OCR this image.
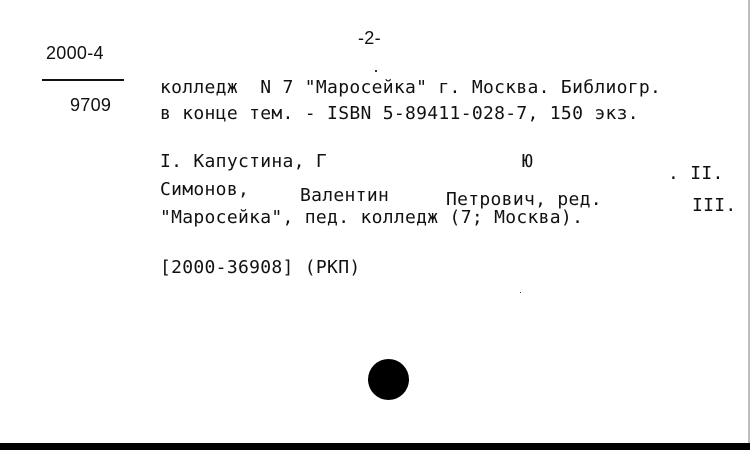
-2-
2000-4
9709
колледж  N 7 "Маросейка" г. Москва. Библиогр.
в конце тем. - ISBN 5-89411-028-7, 150 экз.
I. Капустина, Г	Ю
. II.
Симонов,	Валентин	Петрович, ред.	III.
"Маросейка", пед. колледж (7; Москва).
[2000-36908] (РКП)
